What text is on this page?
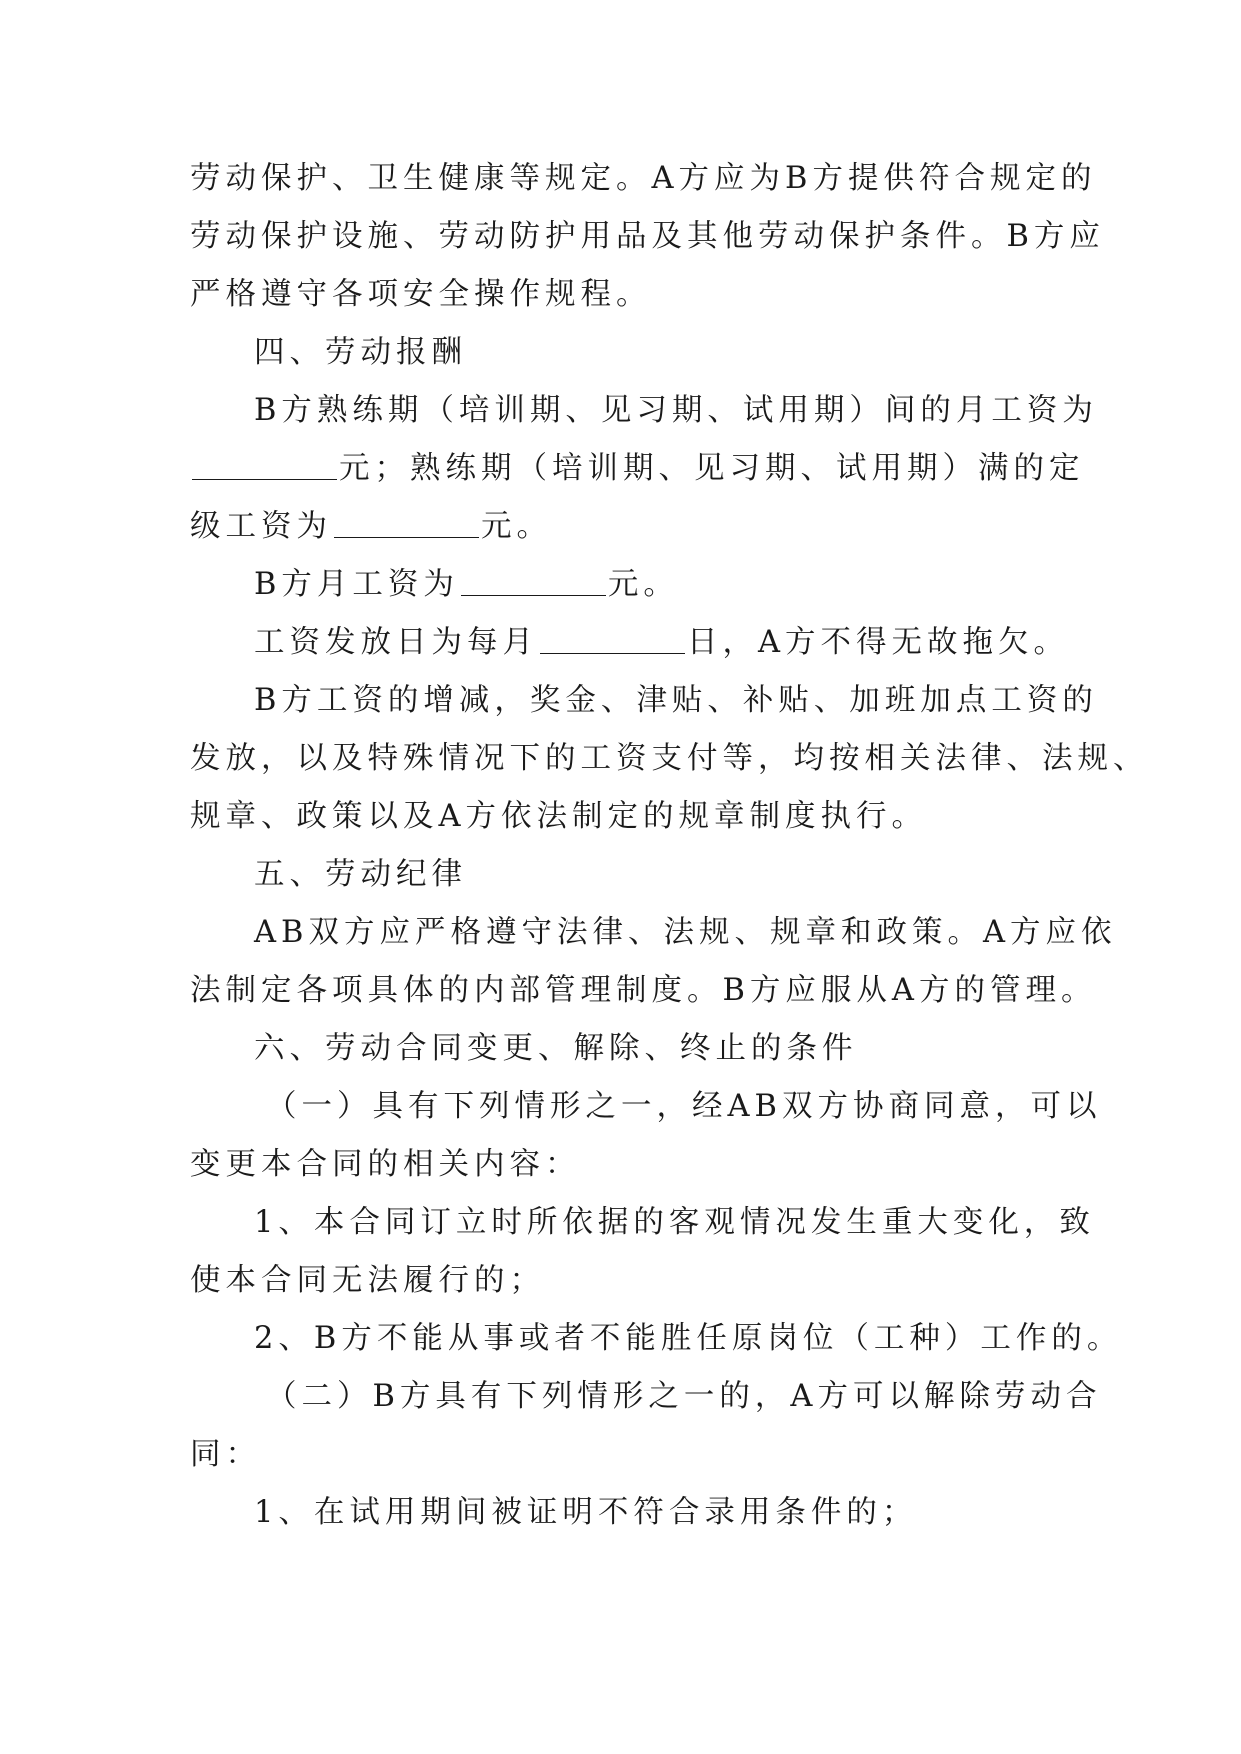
劳动保护、卫生健康等规定。A方应为B方提供符合规定的
劳动保护设施、劳动防护用品及其他劳动保护条件。B方应
严格遵守各项安全操作规程。
四、劳动报酬
B方熟练期（培训期、见习期、试用期）间的月工资为
元；熟练期（培训期、见习期、试用期）满的定
级工资为	元。
B方月工资为	元。
工资发放日为每月	日，A方不得无故拖欠。
B方工资的增减，奖金、津贴、补贴、加班加点工资的
发放，以及特殊情况下的工资支付等，均按相关法律、法规、
规章、政策以及A方依法制定的规章制度执行。
五、劳动纪律
AB双方应严格遵守法律、法规、规章和政策。A方应依
法制定各项具体的内部管理制度。B方应服从A方的管理。
六、劳动合同变更、解除、终止的条件
（一）具有下列情形之一，经AB双方协商同意，可以
变更本合同的相关内容：
1、本合同订立时所依据的客观情况发生重大变化，致
使本合同无法履行的；
2、B方不能从事或者不能胜任原岗位（工种）工作的。
（二）B方具有下列情形之一的，A方可以解除劳动合
同：
1、在试用期间被证明不符合录用条件的；
